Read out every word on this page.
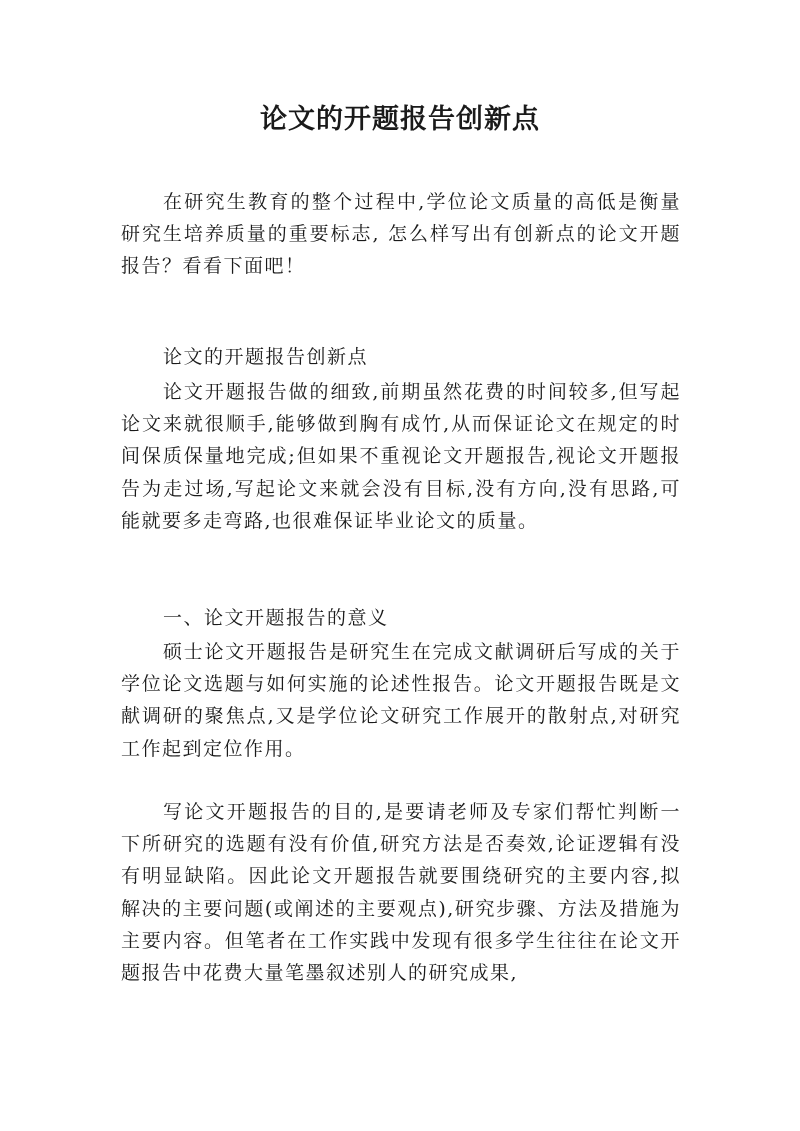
论文的开题报告创新点

在研究生教育的整个过程中,学位论文质量的高低是衡量研究生培养质量的重要标志, 怎么样写出有创新点的论文开题报告？看看下面吧！

论文的开题报告创新点

论文开题报告做的细致,前期虽然花费的时间较多,但写起论文来就很顺手,能够做到胸有成竹,从而保证论文在规定的时间保质保量地完成;但如果不重视论文开题报告,视论文开题报告为走过场,写起论文来就会没有目标,没有方向,没有思路,可能就要多走弯路,也很难保证毕业论文的质量。

一、论文开题报告的意义

硕士论文开题报告是研究生在完成文献调研后写成的关于学位论文选题与如何实施的论述性报告。论文开题报告既是文献调研的聚焦点,又是学位论文研究工作展开的散射点,对研究工作起到定位作用。

写论文开题报告的目的,是要请老师及专家们帮忙判断一下所研究的选题有没有价值,研究方法是否奏效,论证逻辑有没有明显缺陷。因此论文开题报告就要围绕研究的主要内容,拟解决的主要问题(或阐述的主要观点),研究步骤、方法及措施为主要内容。但笔者在工作实践中发现有很多学生往往在论文开题报告中花费大量笔墨叙述别人的研究成果,
